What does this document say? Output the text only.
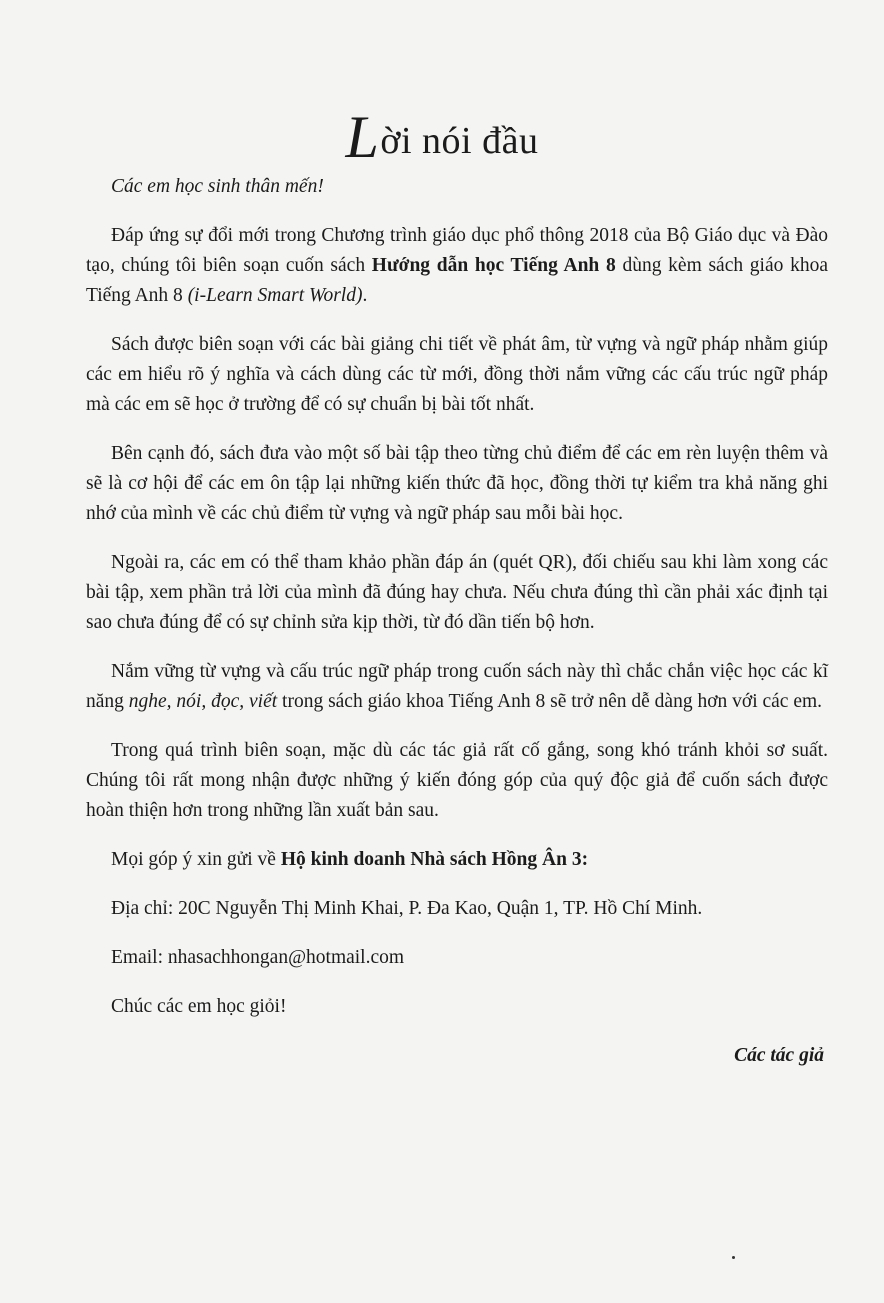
Lời nói đầu

Các em học sinh thân mến!

Đáp ứng sự đổi mới trong Chương trình giáo dục phổ thông 2018 của Bộ Giáo dục và Đào tạo, chúng tôi biên soạn cuốn sách Hướng dẫn học Tiếng Anh 8 dùng kèm sách giáo khoa Tiếng Anh 8 (i-Learn Smart World).

Sách được biên soạn với các bài giảng chi tiết về phát âm, từ vựng và ngữ pháp nhằm giúp các em hiểu rõ ý nghĩa và cách dùng các từ mới, đồng thời nắm vững các cấu trúc ngữ pháp mà các em sẽ học ở trường để có sự chuẩn bị bài tốt nhất.

Bên cạnh đó, sách đưa vào một số bài tập theo từng chủ điểm để các em rèn luyện thêm và sẽ là cơ hội để các em ôn tập lại những kiến thức đã học, đồng thời tự kiểm tra khả năng ghi nhớ của mình về các chủ điểm từ vựng và ngữ pháp sau mỗi bài học.

Ngoài ra, các em có thể tham khảo phần đáp án (quét QR), đối chiếu sau khi làm xong các bài tập, xem phần trả lời của mình đã đúng hay chưa. Nếu chưa đúng thì cần phải xác định tại sao chưa đúng để có sự chỉnh sửa kịp thời, từ đó dần tiến bộ hơn.

Nắm vững từ vựng và cấu trúc ngữ pháp trong cuốn sách này thì chắc chắn việc học các kĩ năng nghe, nói, đọc, viết trong sách giáo khoa Tiếng Anh 8 sẽ trở nên dễ dàng hơn với các em.

Trong quá trình biên soạn, mặc dù các tác giả rất cố gắng, song khó tránh khỏi sơ suất. Chúng tôi rất mong nhận được những ý kiến đóng góp của quý độc giả để cuốn sách được hoàn thiện hơn trong những lần xuất bản sau.

Mọi góp ý xin gửi về Hộ kinh doanh Nhà sách Hồng Ân 3:

Địa chỉ: 20C Nguyễn Thị Minh Khai, P. Đa Kao, Quận 1, TP. Hồ Chí Minh.

Email: nhasachhongan@hotmail.com

Chúc các em học giỏi!

Các tác giả
